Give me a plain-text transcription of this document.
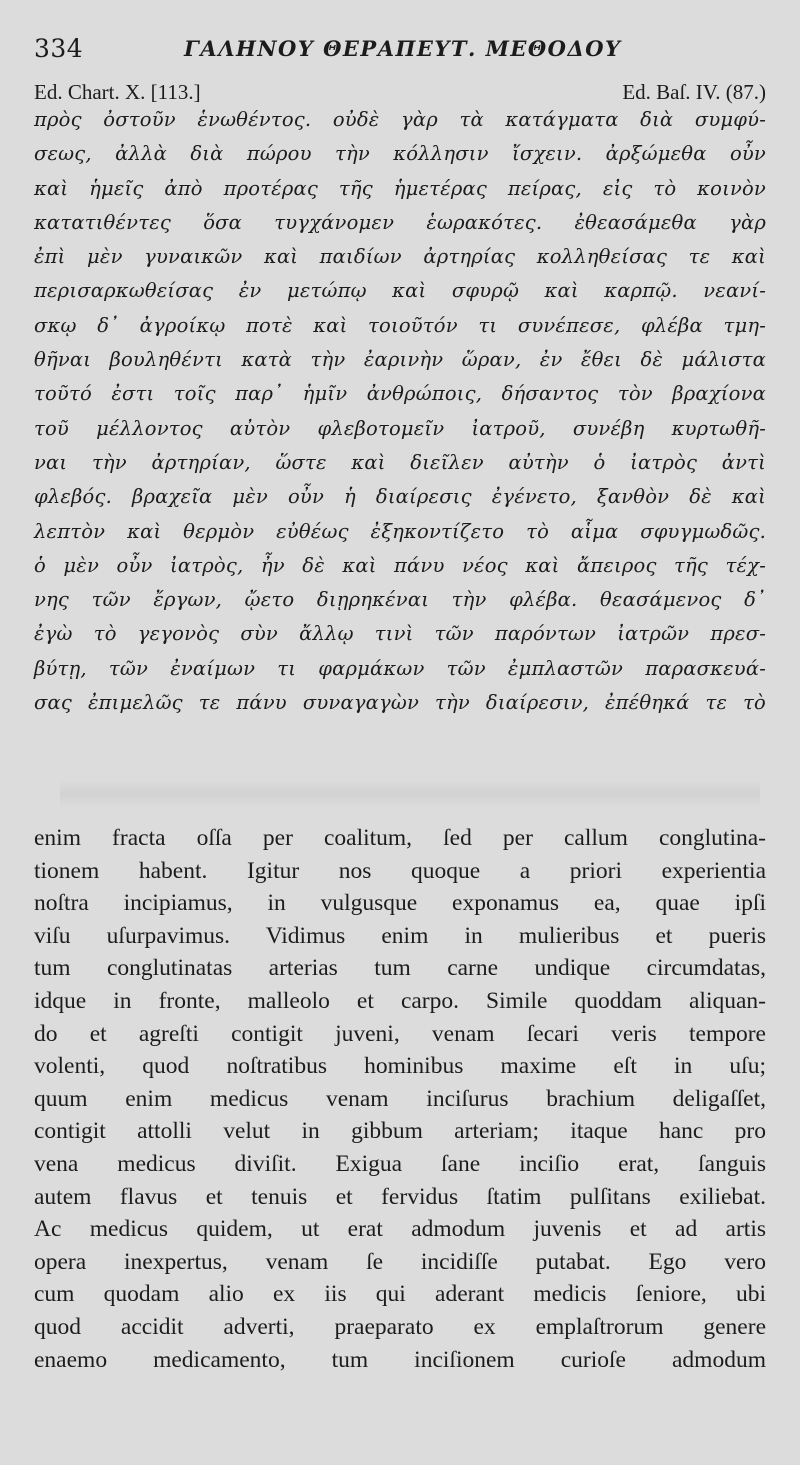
334	ΓΑΛΗΝΟΥ ΘΕΡΑΠΕΥΤ. ΜΕΘΟΔΟΥ
Ed. Chart. X. [113.]	Ed. Baſ. IV. (87.)
πρὸς ὀστοῦν ἑνωθέντος. οὐδὲ γὰρ τὰ κατάγματα διὰ συμφύ-
σεως, ἀλλὰ διὰ πώρου τὴν κόλλησιν ἴσχειν. ἀρξώμεθα οὖν
καὶ ἡμεῖς ἀπὸ προτέρας τῆς ἡμετέρας πείρας, εἰς τὸ κοινὸν
κατατιθέντες ὅσα τυγχάνομεν ἑωρακότες. ἐθεασάμεθα γὰρ
ἐπὶ μὲν γυναικῶν καὶ παιδίων ἀρτηρίας κολληθείσας τε καὶ
περισαρκωθείσας ἐν μετώπῳ καὶ σφυρῷ καὶ καρπῷ. νεανί-
σκῳ δ᾽ ἀγροίκῳ ποτὲ καὶ τοιοῦτόν τι συνέπεσε, φλέβα τμη-
θῆναι βουληθέντι κατὰ τὴν ἐαρινὴν ὥραν, ἐν ἔθει δὲ μάλιστα
τοῦτό ἐστι τοῖς παρ᾽ ἡμῖν ἀνθρώποις, δήσαντος τὸν βραχίονα
τοῦ μέλλοντος αὐτὸν φλεβοτομεῖν ἰατροῦ, συνέβη κυρτωθῆ-
ναι τὴν ἀρτηρίαν, ὥστε καὶ διεῖλεν αὐτὴν ὁ ἰατρὸς ἀντὶ
φλεβός. βραχεῖα μὲν οὖν ἡ διαίρεσις ἐγένετο, ξανθὸν δὲ καὶ
λεπτὸν καὶ θερμὸν εὐθέως ἐξηκοντίζετο τὸ αἷμα σφυγμωδῶς.
ὁ μὲν οὖν ἰατρὸς, ἦν δὲ καὶ πάνυ νέος καὶ ἄπειρος τῆς τέχ-
νης τῶν ἔργων, ᾤετο διῃρηκέναι τὴν φλέβα. θεασάμενος δ᾽
ἐγὼ τὸ γεγονὸς σὺν ἄλλῳ τινὶ τῶν παρόντων ἰατρῶν πρεσ-
βύτῃ, τῶν ἐναίμων τι φαρμάκων τῶν ἐμπλαστῶν παρασκευά-
σας ἐπιμελῶς τε πάνυ συναγαγὼν τὴν διαίρεσιν, ἐπέθηκά τε τὸ
enim fracta oſſa per coalitum, ſed per callum conglutina-
tionem habent. Igitur nos quoque a priori experientia
noſtra incipiamus, in vulgusque exponamus ea, quae ipſi
viſu uſurpavimus. Vidimus enim in mulieribus et pueris
tum conglutinatas arterias tum carne undique circumdatas,
idque in fronte, malleolo et carpo. Simile quoddam aliquan-
do et agreſti contigit juveni, venam ſecari veris tempore
volenti, quod noſtratibus hominibus maxime eſt in uſu;
quum enim medicus venam inciſurus brachium deligaſſet,
contigit attolli velut in gibbum arteriam; itaque hanc pro
vena medicus diviſit. Exigua ſane inciſio erat, ſanguis
autem flavus et tenuis et fervidus ſtatim pulſitans exiliebat.
Ac medicus quidem, ut erat admodum juvenis et ad artis
opera inexpertus, venam ſe incidiſſe putabat. Ego vero
cum quodam alio ex iis qui aderant medicis ſeniore, ubi
quod accidit adverti, praeparato ex emplaſtrorum genere
enaemo medicamento, tum inciſionem curioſe admodum
